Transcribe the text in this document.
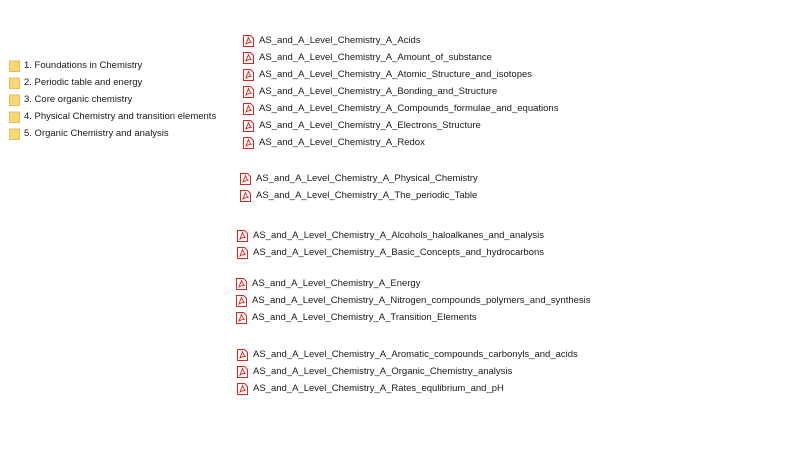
1. Foundations in Chemistry
2. Periodic table and energy
3. Core organic chemistry
4. Physical Chemistry and transition elements
5. Organic Chemistry and analysis
AS_and_A_Level_Chemistry_A_Acids
AS_and_A_Level_Chemistry_A_Amount_of_substance
AS_and_A_Level_Chemistry_A_Atomic_Structure_and_isotopes
AS_and_A_Level_Chemistry_A_Bonding_and_Structure
AS_and_A_Level_Chemistry_A_Compounds_formulae_and_equations
AS_and_A_Level_Chemistry_A_Electrons_Structure
AS_and_A_Level_Chemistry_A_Redox
AS_and_A_Level_Chemistry_A_Physical_Chemistry
AS_and_A_Level_Chemistry_A_The_periodic_Table
AS_and_A_Level_Chemistry_A_Alcohols_haloalkanes_and_analysis
AS_and_A_Level_Chemistry_A_Basic_Concepts_and_hydrocarbons
AS_and_A_Level_Chemistry_A_Energy
AS_and_A_Level_Chemistry_A_Nitrogen_compounds_polymers_and_synthesis
AS_and_A_Level_Chemistry_A_Transition_Elements
AS_and_A_Level_Chemistry_A_Aromatic_compounds_carbonyls_and_acids
AS_and_A_Level_Chemistry_A_Organic_Chemistry_analysis
AS_and_A_Level_Chemistry_A_Rates_equlibrium_and_pH
